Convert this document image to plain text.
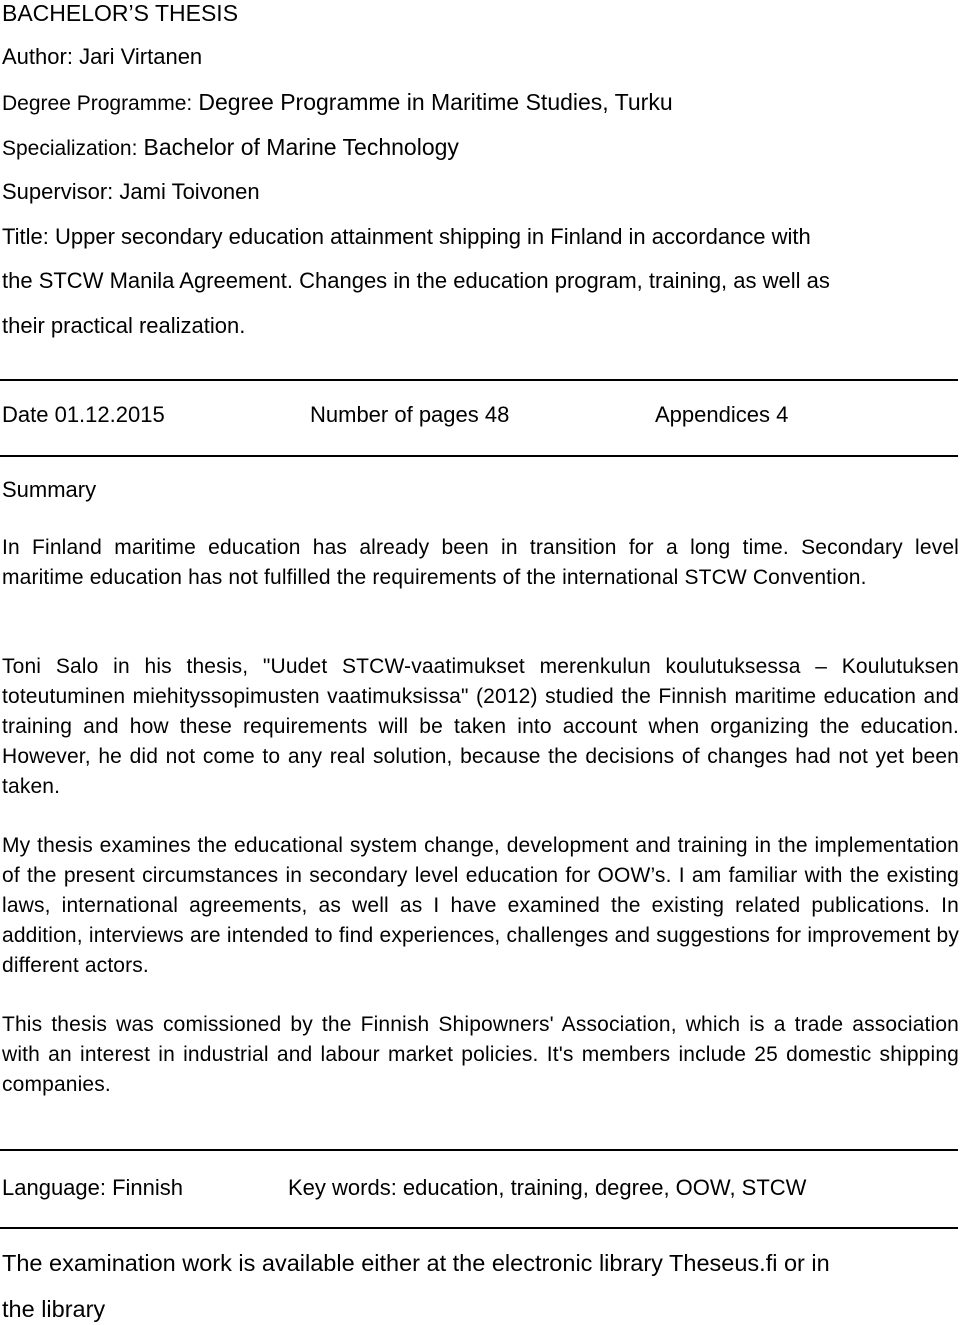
BACHELOR’S THESIS
Author: Jari Virtanen
Degree Programme: Degree Programme in Maritime Studies, Turku
Specialization: Bachelor of Marine Technology
Supervisor: Jami Toivonen
Title: Upper secondary education attainment shipping in Finland in accordance with
the STCW Manila Agreement. Changes in the education program, training, as well as
their practical realization.
Date 01.12.2015	Number of pages 48	Appendices 4
Summary
In Finland maritime education has already been in transition for a long time. Secondary level maritime education has not fulfilled the requirements of the international STCW Convention.
Toni Salo in his thesis, "Uudet STCW-vaatimukset merenkulun koulutuksessa – Koulutuksen toteutuminen miehityssopimusten vaatimuksissa" (2012) studied the Finnish maritime education and training and how these requirements will be taken into account when organizing the education. However, he did not come to any real solution, because the decisions of changes had not yet been taken.
My thesis examines the educational system change, development and training in the implementation of the present circumstances in secondary level education for OOW’s. I am familiar with the existing laws, international agreements, as well as I have examined the existing related publications. In addition, interviews are intended to find experiences, challenges and suggestions for improvement by different actors.
This thesis was comissioned by the Finnish Shipowners' Association, which is a trade association with an interest in industrial and labour market policies. It's members include 25 domestic shipping companies.
Language: Finnish	Key words: education, training, degree, OOW, STCW
The examination work is available either at the electronic library Theseus.fi or in
the library
